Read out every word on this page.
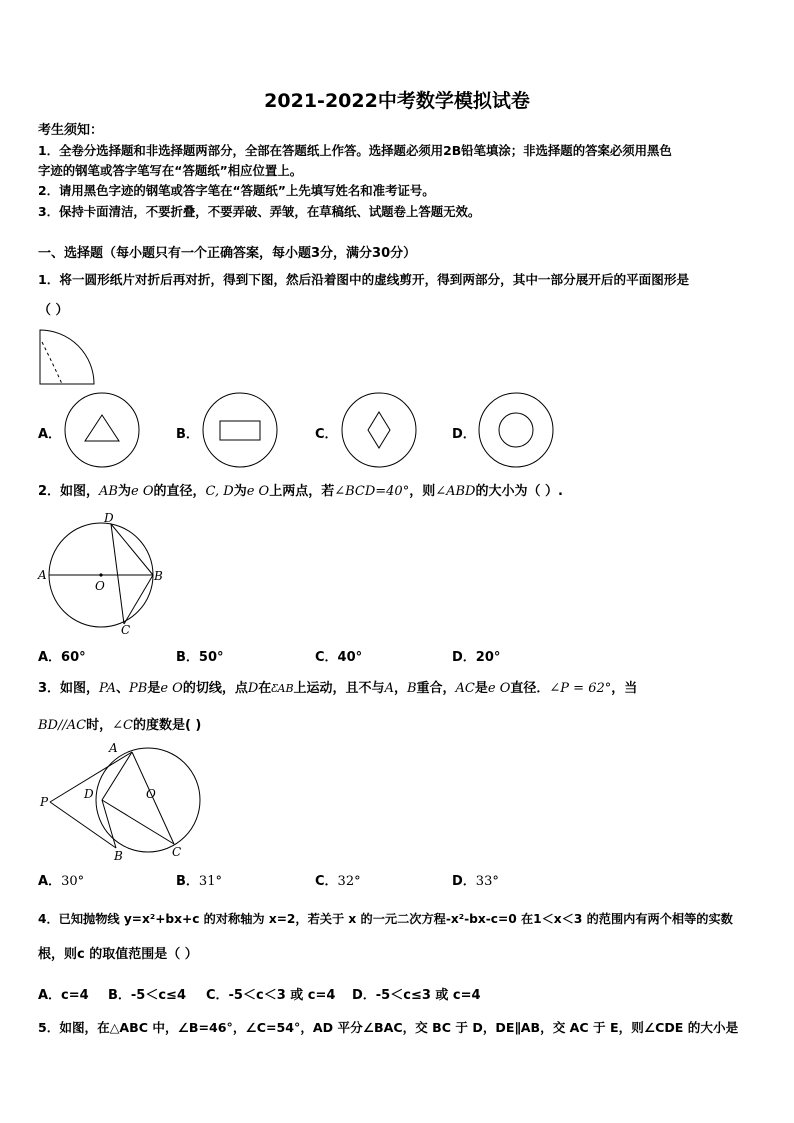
2021-2022中考数学模拟试卷
考生须知：
1．全卷分选择题和非选择题两部分，全部在答题纸上作答。选择题必须用2B铅笔填涂；非选择题的答案必须用黑色
字迹的钢笔或答字笔写在“答题纸”相应位置上。
2．请用黑色字迹的钢笔或答字笔在“答题纸”上先填写姓名和准考证号。
3．保持卡面清洁，不要折叠，不要弄破、弄皱，在草稿纸、试题卷上答题无效。
一、选择题（每小题只有一个正确答案，每小题3分，满分30分）
1．将一圆形纸片对折后再对折，得到下图，然后沿着图中的虚线剪开，得到两部分，其中一部分展开后的平面图形是
（ ）
A．	B．	C．	D．
2．如图，AB为e O的直径，C, D为e O上两点，若∠BCD=40°，则∠ABD的大小为（ ）.
D
A
O
B
C
A．60°	B．50°	C．40°	D．20°
3．如图，PA、PB是e O的切线，点D在ƸAB上运动，且不与A，B重合，AC是e O直径．∠P = 62°，当
BD//AC时，∠C的度数是( )
A
P
D	O
B	C
A．30°	B．31°	C．32°	D．33°
4．已知抛物线 y=x²+bx+c 的对称轴为 x=2，若关于 x 的一元二次方程-x²-bx-c=0 在1＜x＜3 的范围内有两个相等的实数
根，则c 的取值范围是（ ）
A．c=4 B．-5＜c≤4 C．-5＜c＜3 或 c=4 D．-5＜c≤3 或 c=4
5．如图，在△ABC 中，∠B=46°，∠C=54°，AD 平分∠BAC，交 BC 于 D，DE∥AB，交 AC 于 E，则∠CDE 的大小是
